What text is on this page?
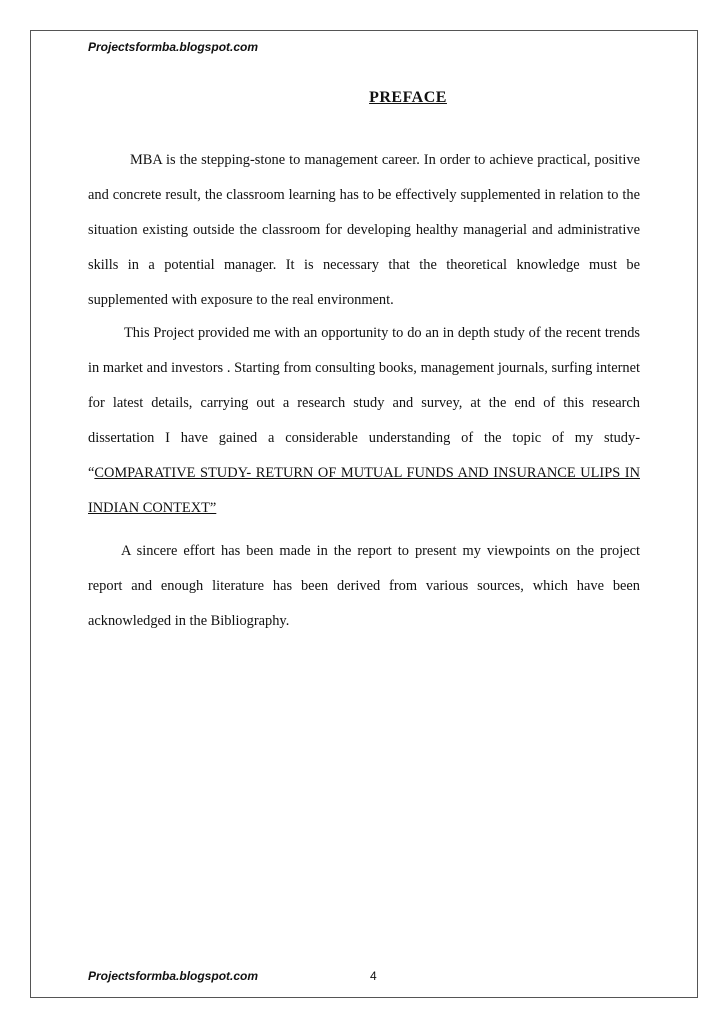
Projectsformba.blogspot.com
PREFACE

MBA is the stepping-stone to management career. In order to achieve practical, positive and concrete result, the classroom learning has to be effectively supplemented in relation to the situation existing outside the classroom for developing healthy managerial and administrative skills in a potential manager. It is necessary that the theoretical knowledge must be supplemented with exposure to the real environment.

This Project provided me with an opportunity to do an in depth study of the recent trends in market and investors . Starting from consulting books, management journals, surfing internet for latest details, carrying out a research study and survey, at the end of this research dissertation I have gained a considerable understanding of the topic of my study- “COMPARATIVE STUDY- RETURN OF MUTUAL FUNDS AND INSURANCE ULIPS IN INDIAN CONTEXT”

A sincere effort has been made in the report to present my viewpoints on the project report and enough literature has been derived from various sources, which have been acknowledged in the Bibliography.

Projectsformba.blogspot.com	4
